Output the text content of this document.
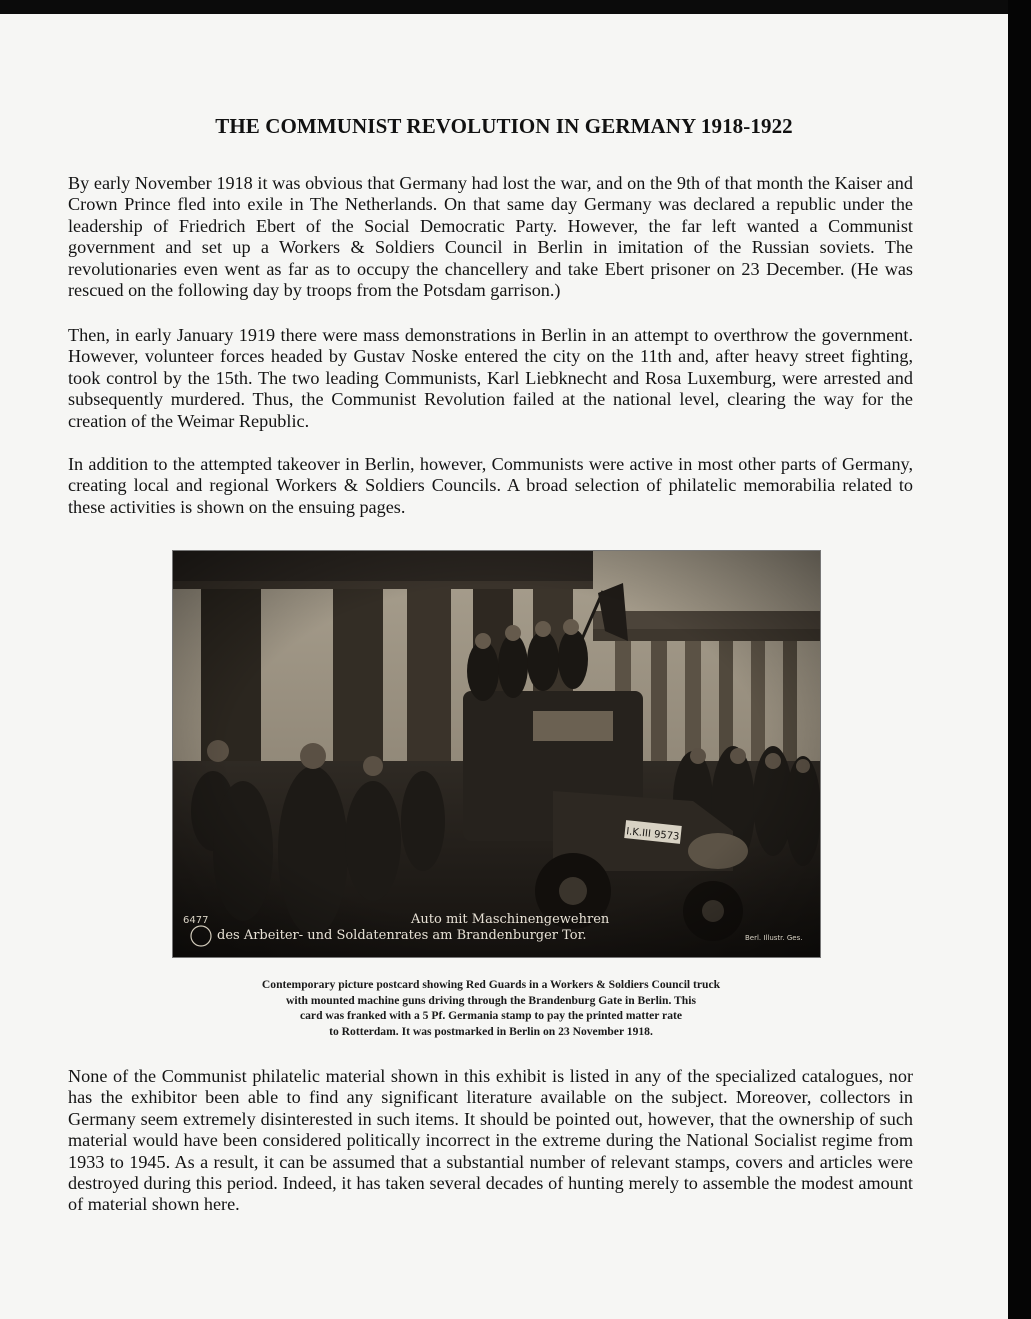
THE COMMUNIST REVOLUTION IN GERMANY 1918-1922

By early November 1918 it was obvious that Germany had lost the war, and on the 9th of that month the Kaiser and Crown Prince fled into exile in The Netherlands. On that same day Germany was declared a republic under the leadership of Friedrich Ebert of the Social Democratic Party. However, the far left wanted a Communist government and set up a Workers & Soldiers Council in Berlin in imitation of the Russian soviets. The revolutionaries even went as far as to occupy the chancellery and take Ebert prisoner on 23 December. (He was rescued on the following day by troops from the Potsdam garrison.)

Then, in early January 1919 there were mass demonstrations in Berlin in an attempt to overthrow the government. However, volunteer forces headed by Gustav Noske entered the city on the 11th and, after heavy street fighting, took control by the 15th. The two leading Communists, Karl Liebknecht and Rosa Luxemburg, were arrested and subsequently murdered. Thus, the Communist Revolution failed at the national level, clearing the way for the creation of the Weimar Republic.

In addition to the attempted takeover in Berlin, however, Communists were active in most other parts of Germany, creating local and regional Workers & Soldiers Councils. A broad selection of philatelic memorabilia related to these activities is shown on the ensuing pages.

6477	Auto mit Maschinengewehren
des Arbeiter- und Soldatenrates am Brandenburger Tor.	Berl. Illustr. Ges.

Contemporary picture postcard showing Red Guards in a Workers & Soldiers Council truck
with mounted machine guns driving through the Brandenburg Gate in Berlin. This
card was franked with a 5 Pf. Germania stamp to pay the printed matter rate
to Rotterdam. It was postmarked in Berlin on 23 November 1918.

None of the Communist philatelic material shown in this exhibit is listed in any of the specialized catalogues, nor has the exhibitor been able to find any significant literature available on the subject. Moreover, collectors in Germany seem extremely disinterested in such items. It should be pointed out, however, that the ownership of such material would have been considered politically incorrect in the extreme during the National Socialist regime from 1933 to 1945. As a result, it can be assumed that a substantial number of relevant stamps, covers and articles were destroyed during this period. Indeed, it has taken several decades of hunting merely to assemble the modest amount of material shown here.
